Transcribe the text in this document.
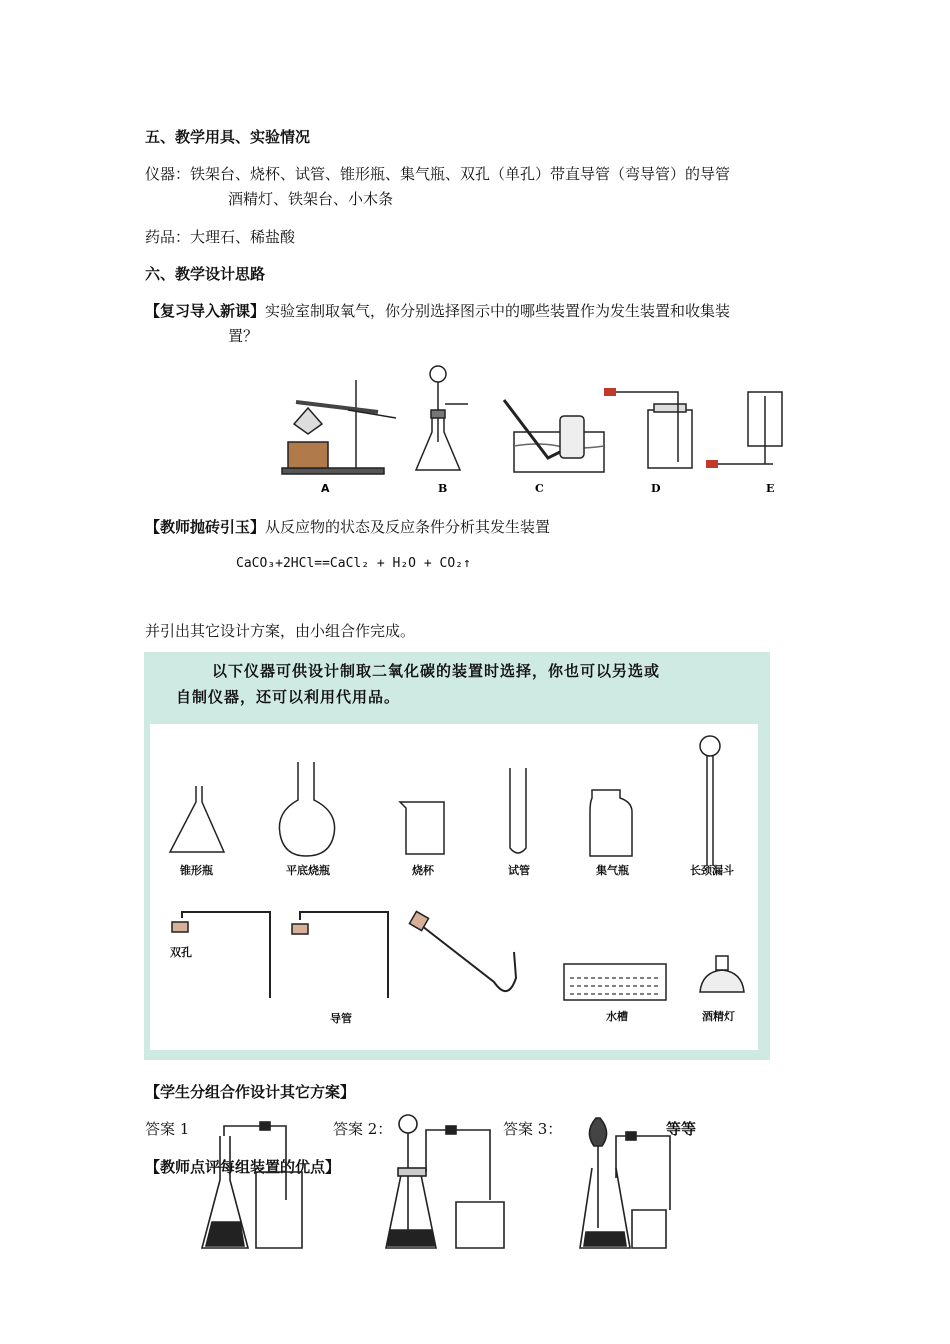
五、教学用具、实验情况
仪器：铁架台、烧杯、试管、锥形瓶、集气瓶、双孔（单孔）带直导管（弯导管）的导管
酒精灯、铁架台、小木条
药品：大理石、稀盐酸
六、教学设计思路
【复习导入新课】实验室制取氧气，你分别选择图示中的哪些装置作为发生装置和收集装
置？
A	B	C	D	E
【教师抛砖引玉】从反应物的状态及反应条件分析其发生装置
CaCO₃+2HCl==CaCl₂ + H₂O + CO₂↑
并引出其它设计方案，由小组合作完成。
以下仪器可供设计制取二氧化碳的装置时选择，你也可以另选或
自制仪器，还可以利用代用品。
锥形瓶	平底烧瓶	烧杯	试管	集气瓶	长颈漏斗
双孔
导管	水槽	酒精灯
【学生分组合作设计其它方案】
答案 1	答案 2：	答案 3：	等等
【教师点评每组装置的优点】
